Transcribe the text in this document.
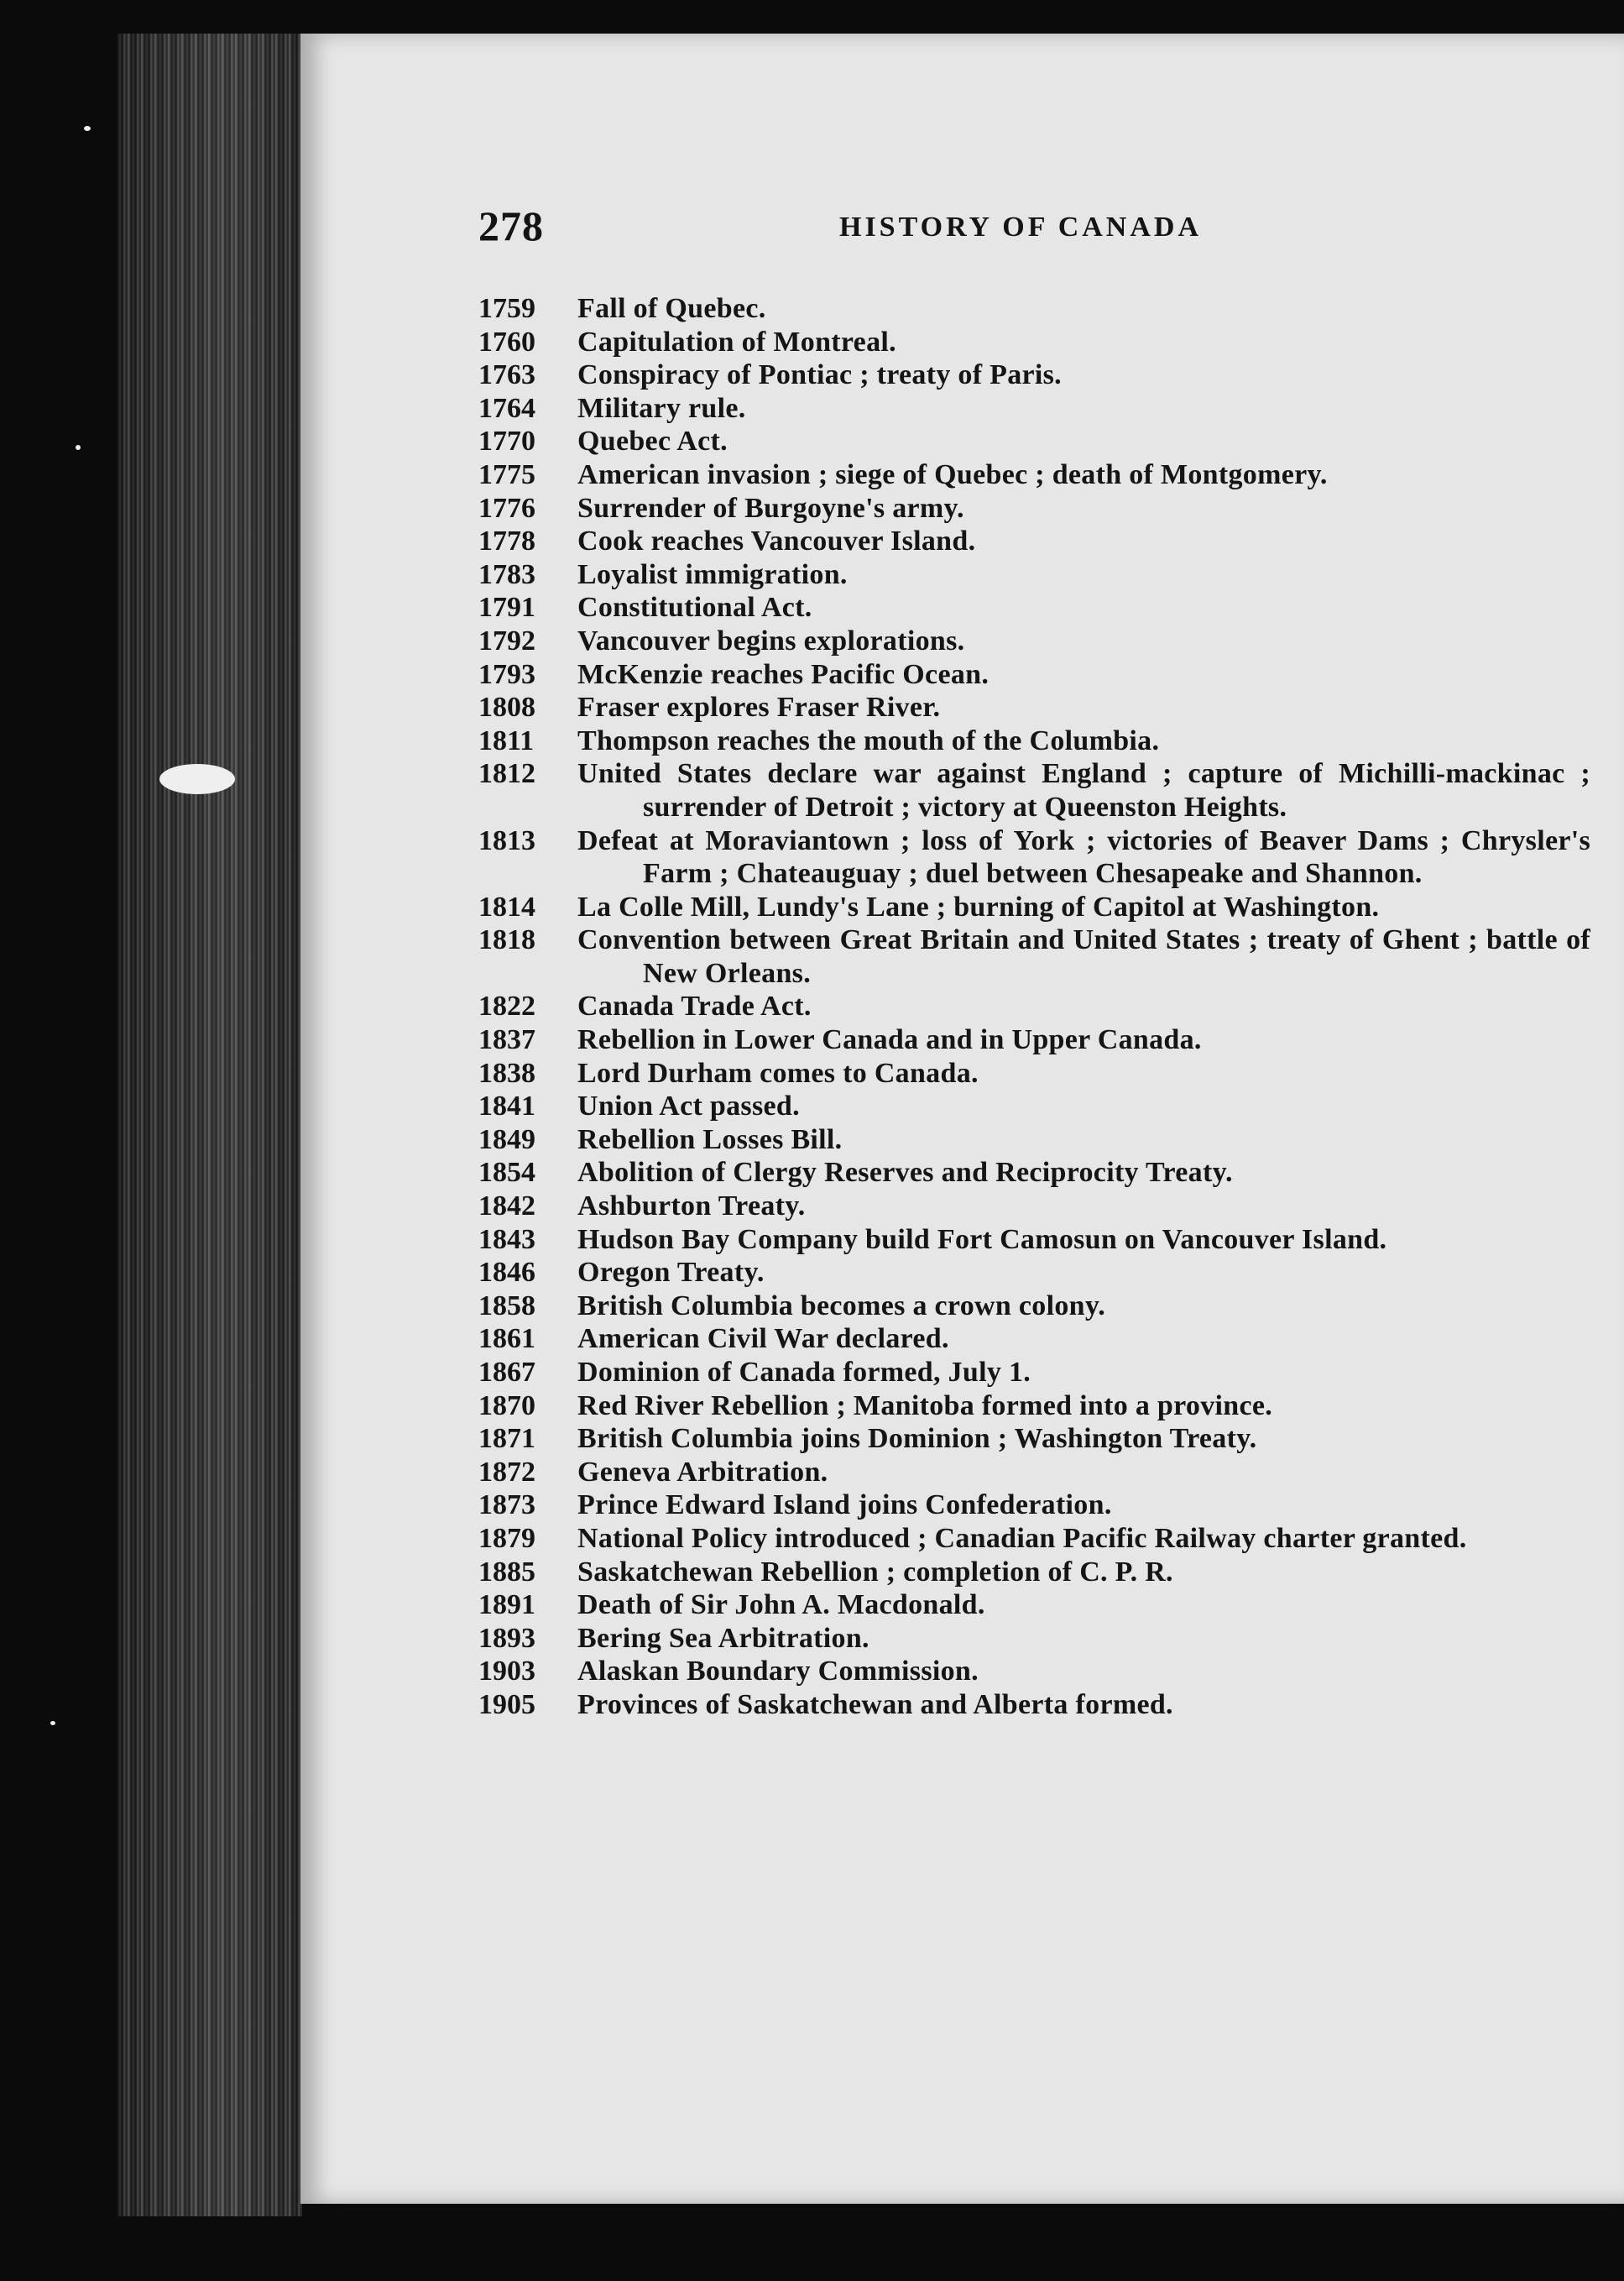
278	HISTORY OF CANADA
1759	Fall of Quebec.
1760	Capitulation of Montreal.
1763	Conspiracy of Pontiac ; treaty of Paris.
1764	Military rule.
1770	Quebec Act.
1775	American invasion ; siege of Quebec ; death of Montgomery.
1776	Surrender of Burgoyne's army.
1778	Cook reaches Vancouver Island.
1783	Loyalist immigration.
1791	Constitutional Act.
1792	Vancouver begins explorations.
1793	McKenzie reaches Pacific Ocean.
1808	Fraser explores Fraser River.
1811	Thompson reaches the mouth of the Columbia.
1812	United States declare war against England ; capture of Michilli-mackinac ; surrender of Detroit ; victory at Queenston Heights.
1813	Defeat at Moraviantown ; loss of York ; victories of Beaver Dams ; Chrysler's Farm ; Chateauguay ; duel between Chesapeake and Shannon.
1814	La Colle Mill, Lundy's Lane ; burning of Capitol at Washington.
1818	Convention between Great Britain and United States ; treaty of Ghent ; battle of New Orleans.
1822	Canada Trade Act.
1837	Rebellion in Lower Canada and in Upper Canada.
1838	Lord Durham comes to Canada.
1841	Union Act passed.
1849	Rebellion Losses Bill.
1854	Abolition of Clergy Reserves and Reciprocity Treaty.
1842	Ashburton Treaty.
1843	Hudson Bay Company build Fort Camosun on Vancouver Island.
1846	Oregon Treaty.
1858	British Columbia becomes a crown colony.
1861	American Civil War declared.
1867	Dominion of Canada formed, July 1.
1870	Red River Rebellion ; Manitoba formed into a province.
1871	British Columbia joins Dominion ; Washington Treaty.
1872	Geneva Arbitration.
1873	Prince Edward Island joins Confederation.
1879	National Policy introduced ; Canadian Pacific Railway charter granted.
1885	Saskatchewan Rebellion ; completion of C. P. R.
1891	Death of Sir John A. Macdonald.
1893	Bering Sea Arbitration.
1903	Alaskan Boundary Commission.
1905	Provinces of Saskatchewan and Alberta formed.
